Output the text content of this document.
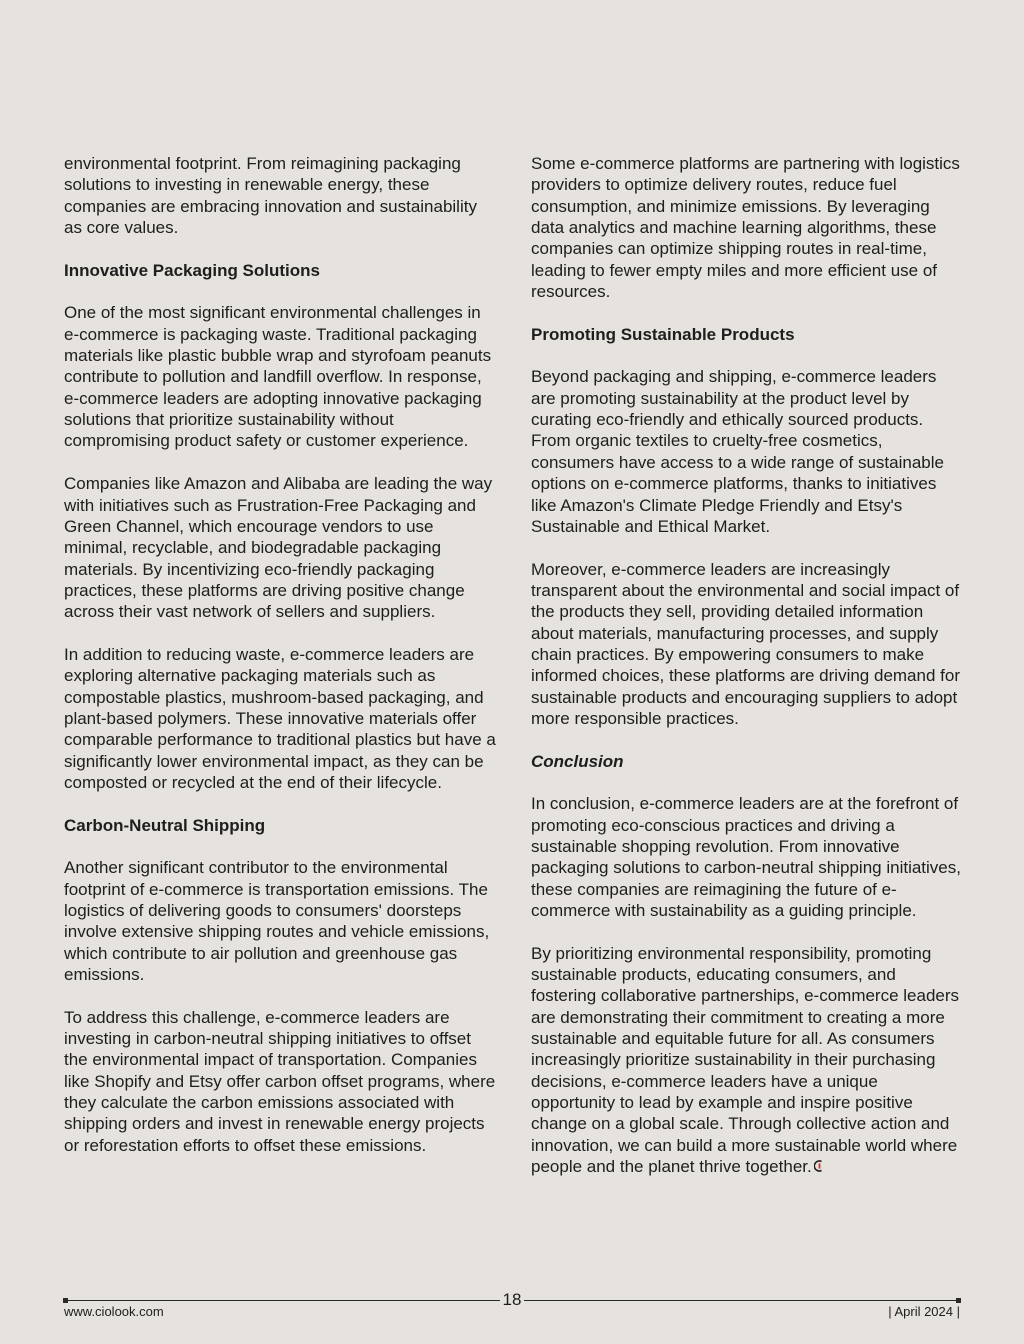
environmental footprint. From reimagining packaging solutions to investing in renewable energy, these companies are embracing innovation and sustainability as core values.

Innovative Packaging Solutions

One of the most significant environmental challenges in e-commerce is packaging waste. Traditional packaging materials like plastic bubble wrap and styrofoam peanuts contribute to pollution and landfill overflow. In response, e-commerce leaders are adopting innovative packaging solutions that prioritize sustainability without compromising product safety or customer experience.

Companies like Amazon and Alibaba are leading the way with initiatives such as Frustration-Free Packaging and Green Channel, which encourage vendors to use minimal, recyclable, and biodegradable packaging materials. By incentivizing eco-friendly packaging practices, these platforms are driving positive change across their vast network of sellers and suppliers.

In addition to reducing waste, e-commerce leaders are exploring alternative packaging materials such as compostable plastics, mushroom-based packaging, and plant-based polymers. These innovative materials offer comparable performance to traditional plastics but have a significantly lower environmental impact, as they can be composted or recycled at the end of their lifecycle.

Carbon-Neutral Shipping

Another significant contributor to the environmental footprint of e-commerce is transportation emissions. The logistics of delivering goods to consumers' doorsteps involve extensive shipping routes and vehicle emissions, which contribute to air pollution and greenhouse gas emissions.

To address this challenge, e-commerce leaders are investing in carbon-neutral shipping initiatives to offset the environmental impact of transportation. Companies like Shopify and Etsy offer carbon offset programs, where they calculate the carbon emissions associated with shipping orders and invest in renewable energy projects or reforestation efforts to offset these emissions.

Some e-commerce platforms are partnering with logistics providers to optimize delivery routes, reduce fuel consumption, and minimize emissions. By leveraging data analytics and machine learning algorithms, these companies can optimize shipping routes in real-time, leading to fewer empty miles and more efficient use of resources.

Promoting Sustainable Products

Beyond packaging and shipping, e-commerce leaders are promoting sustainability at the product level by curating eco-friendly and ethically sourced products. From organic textiles to cruelty-free cosmetics, consumers have access to a wide range of sustainable options on e-commerce platforms, thanks to initiatives like Amazon's Climate Pledge Friendly and Etsy's Sustainable and Ethical Market.

Moreover, e-commerce leaders are increasingly transparent about the environmental and social impact of the products they sell, providing detailed information about materials, manufacturing processes, and supply chain practices. By empowering consumers to make informed choices, these platforms are driving demand for sustainable products and encouraging suppliers to adopt more responsible practices.

Conclusion

In conclusion, e-commerce leaders are at the forefront of promoting eco-conscious practices and driving a sustainable shopping revolution. From innovative packaging solutions to carbon-neutral shipping initiatives, these companies are reimagining the future of e-commerce with sustainability as a guiding principle.

By prioritizing environmental responsibility, promoting sustainable products, educating consumers, and fostering collaborative partnerships, e-commerce leaders are demonstrating their commitment to creating a more sustainable and equitable future for all. As consumers increasingly prioritize sustainability in their purchasing decisions, e-commerce leaders have a unique opportunity to lead by example and inspire positive change on a global scale. Through collective action and innovation, we can build a more sustainable world where people and the planet thrive together.

18
www.ciolook.com	| April 2024 |
